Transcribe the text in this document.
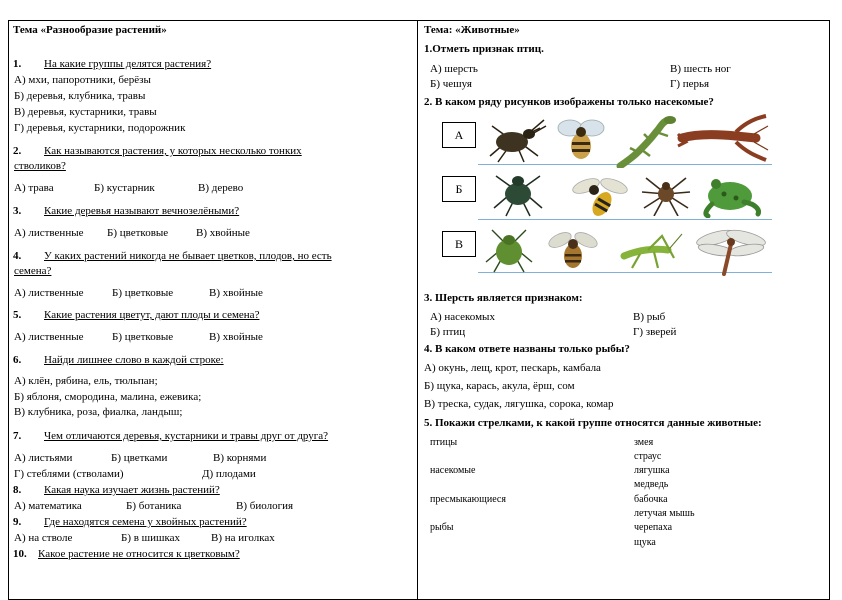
Тема «Разнообразие растений»
1. На какие группы делятся растения?
А) мхи, папоротники, берёзы
Б) деревья, клубника, травы
В) деревья, кустарники, травы
Г) деревья, кустарники, подорожник
2. Как называются растения, у которых несколько тонких
стволиков?
А) трава	Б) кустарник	В) дерево
3. Какие деревья называют вечнозелёными?
А) лиственные Б) цветковые	В) хвойные
4. У каких растений никогда не бывает цветков, плодов, но есть
семена?
А) лиственные	Б) цветковые	В) хвойные
5. Какие растения цветут, дают плоды и семена?
А) лиственные	Б) цветковые	В) хвойные
6. Найди лишнее слово в каждой строке:
А) клён, рябина, ель, тюльпан;
Б) яблоня, смородина, малина, ежевика;
В) клубника, роза, фиалка, ландыш;
7. Чем отличаются деревья, кустарники и травы друг от друга?
А) листьями	Б) цветками	В) корнями
Г) стеблями (стволами)	Д) плодами
8. Какая наука изучает жизнь растений?
А) математика	Б) ботаника	В) биология
9. Где находятся семена у хвойных растений?
А) на стволе	Б) в шишках	В) на иголках
10. Какое растение не относится к цветковым?
Тема: «Животные»
1.Отметь признак птиц.
А) шерсть
Б) чешуя
В) шесть ног
Г) перья
2. В каком ряду рисунков изображены только насекомые?
А
Б
В
3. Шерсть является признаком:
А) насекомых
Б) птиц
В) рыб
Г) зверей
4. В каком ответе названы только рыбы?
А) окунь, лещ, крот, пескарь, камбала
Б) щука, карась, акула, ёрш, сом
В) треска, судак, лягушка, сорока, комар
5. Покажи стрелками, к какой группе относятся данные животные:
птицы
насекомые
пресмыкающиеся
рыбы
змея
страус
лягушка
медведь
бабочка
летучая мышь
черепаха
щука
